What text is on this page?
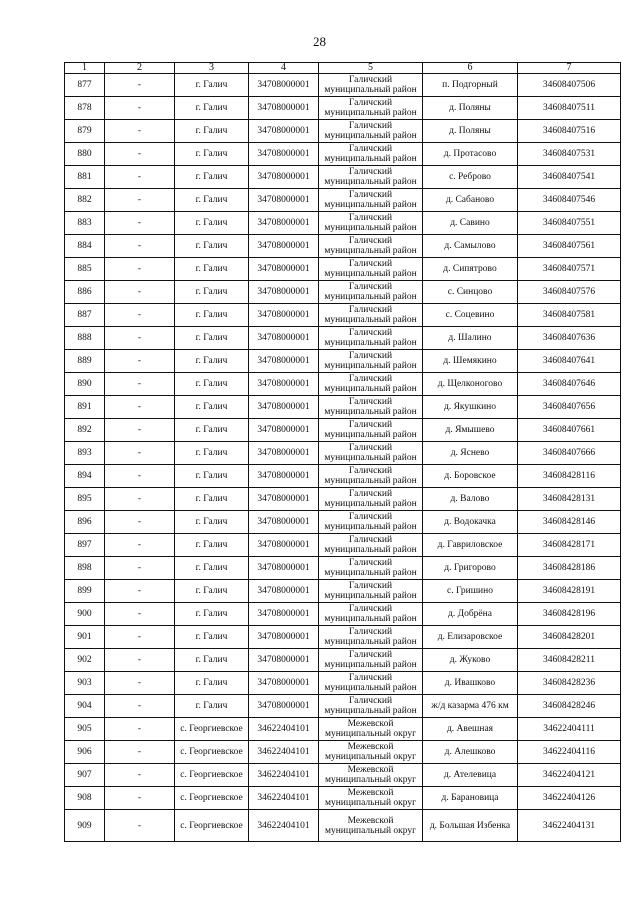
28
1	2	3	4	5	6	7
877	-	г. Галич	34708000001	Галичский муниципальный район	п. Подгорный	34608407506
878	-	г. Галич	34708000001	Галичский муниципальный район	д. Поляны	34608407511
879	-	г. Галич	34708000001	Галичский муниципальный район	д. Поляны	34608407516
880	-	г. Галич	34708000001	Галичский муниципальный район	д. Протасово	34608407531
881	-	г. Галич	34708000001	Галичский муниципальный район	с. Реброво	34608407541
882	-	г. Галич	34708000001	Галичский муниципальный район	д. Сабаново	34608407546
883	-	г. Галич	34708000001	Галичский муниципальный район	д. Савино	34608407551
884	-	г. Галич	34708000001	Галичский муниципальный район	д. Самылово	34608407561
885	-	г. Галич	34708000001	Галичский муниципальный район	д. Сипятрово	34608407571
886	-	г. Галич	34708000001	Галичский муниципальный район	с. Синцово	34608407576
887	-	г. Галич	34708000001	Галичский муниципальный район	с. Соцевино	34608407581
888	-	г. Галич	34708000001	Галичский муниципальный район	д. Шалино	34608407636
889	-	г. Галич	34708000001	Галичский муниципальный район	д. Шемякино	34608407641
890	-	г. Галич	34708000001	Галичский муниципальный район	д. Щелконогово	34608407646
891	-	г. Галич	34708000001	Галичский муниципальный район	д. Якушкино	34608407656
892	-	г. Галич	34708000001	Галичский муниципальный район	д. Ямышево	34608407661
893	-	г. Галич	34708000001	Галичский муниципальный район	д. Яснево	34608407666
894	-	г. Галич	34708000001	Галичский муниципальный район	д. Боровское	34608428116
895	-	г. Галич	34708000001	Галичский муниципальный район	д. Валово	34608428131
896	-	г. Галич	34708000001	Галичский муниципальный район	д. Водокачка	34608428146
897	-	г. Галич	34708000001	Галичский муниципальный район	д. Гавриловское	34608428171
898	-	г. Галич	34708000001	Галичский муниципальный район	д. Григорово	34608428186
899	-	г. Галич	34708000001	Галичский муниципальный район	с. Гришино	34608428191
900	-	г. Галич	34708000001	Галичский муниципальный район	д. Добрёна	34608428196
901	-	г. Галич	34708000001	Галичский муниципальный район	д. Елизаровское	34608428201
902	-	г. Галич	34708000001	Галичский муниципальный район	д. Жуково	34608428211
903	-	г. Галич	34708000001	Галичский муниципальный район	д. Ивашково	34608428236
904	-	г. Галич	34708000001	Галичский муниципальный район	ж/д казарма 476 км	34608428246
905	-	с. Георгиевское	34622404101	Межевской муниципальный округ	д. Авешная	34622404111
906	-	с. Георгиевское	34622404101	Межевской муниципальный округ	д. Алешково	34622404116
907	-	с. Георгиевское	34622404101	Межевской муниципальный округ	д. Ателевица	34622404121
908	-	с. Георгиевское	34622404101	Межевской муниципальный округ	д. Барановица	34622404126
909	-	с. Георгиевское	34622404101	Межевской муниципальный округ	д. Большая Избенка	34622404131
